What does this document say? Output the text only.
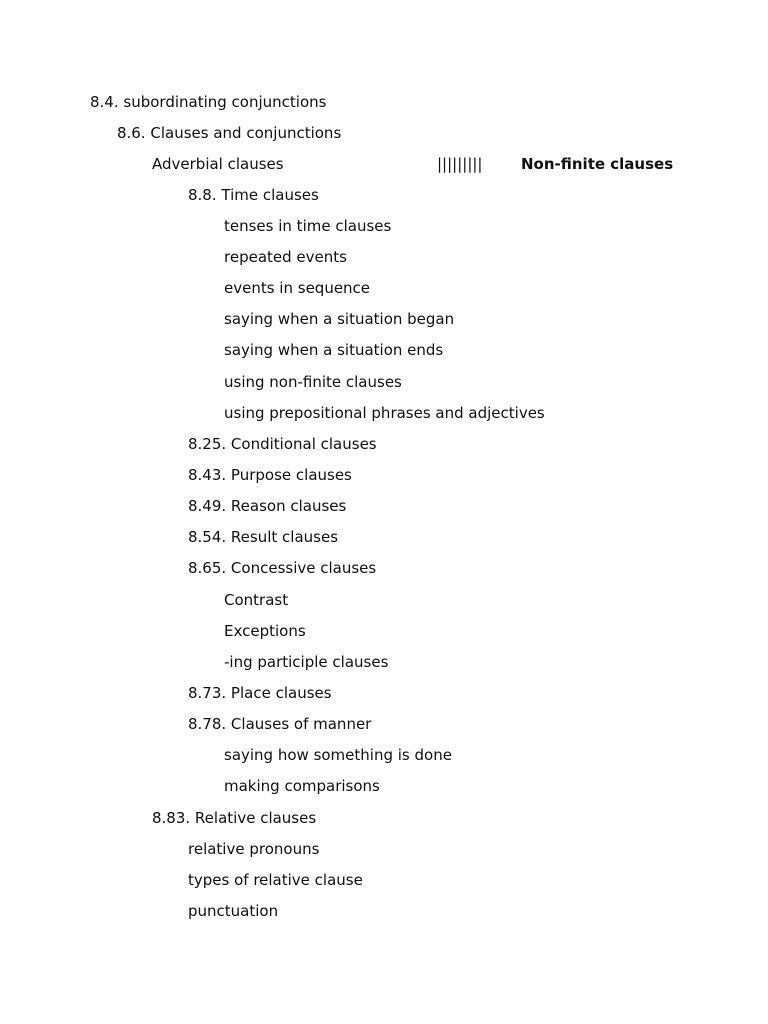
8.4. subordinating conjunctions
8.6. Clauses and conjunctions
Adverbial clauses	|||||||||	Non-finite clauses
8.8. Time clauses
tenses in time clauses
repeated events
events in sequence
saying when a situation began
saying when a situation ends
using non-finite clauses
using prepositional phrases and adjectives
8.25. Conditional clauses
8.43. Purpose clauses
8.49. Reason clauses
8.54. Result clauses
8.65. Concessive clauses
Contrast
Exceptions
-ing participle clauses
8.73. Place clauses
8.78. Clauses of manner
saying how something is done
making comparisons
8.83. Relative clauses
relative pronouns
types of relative clause
punctuation
